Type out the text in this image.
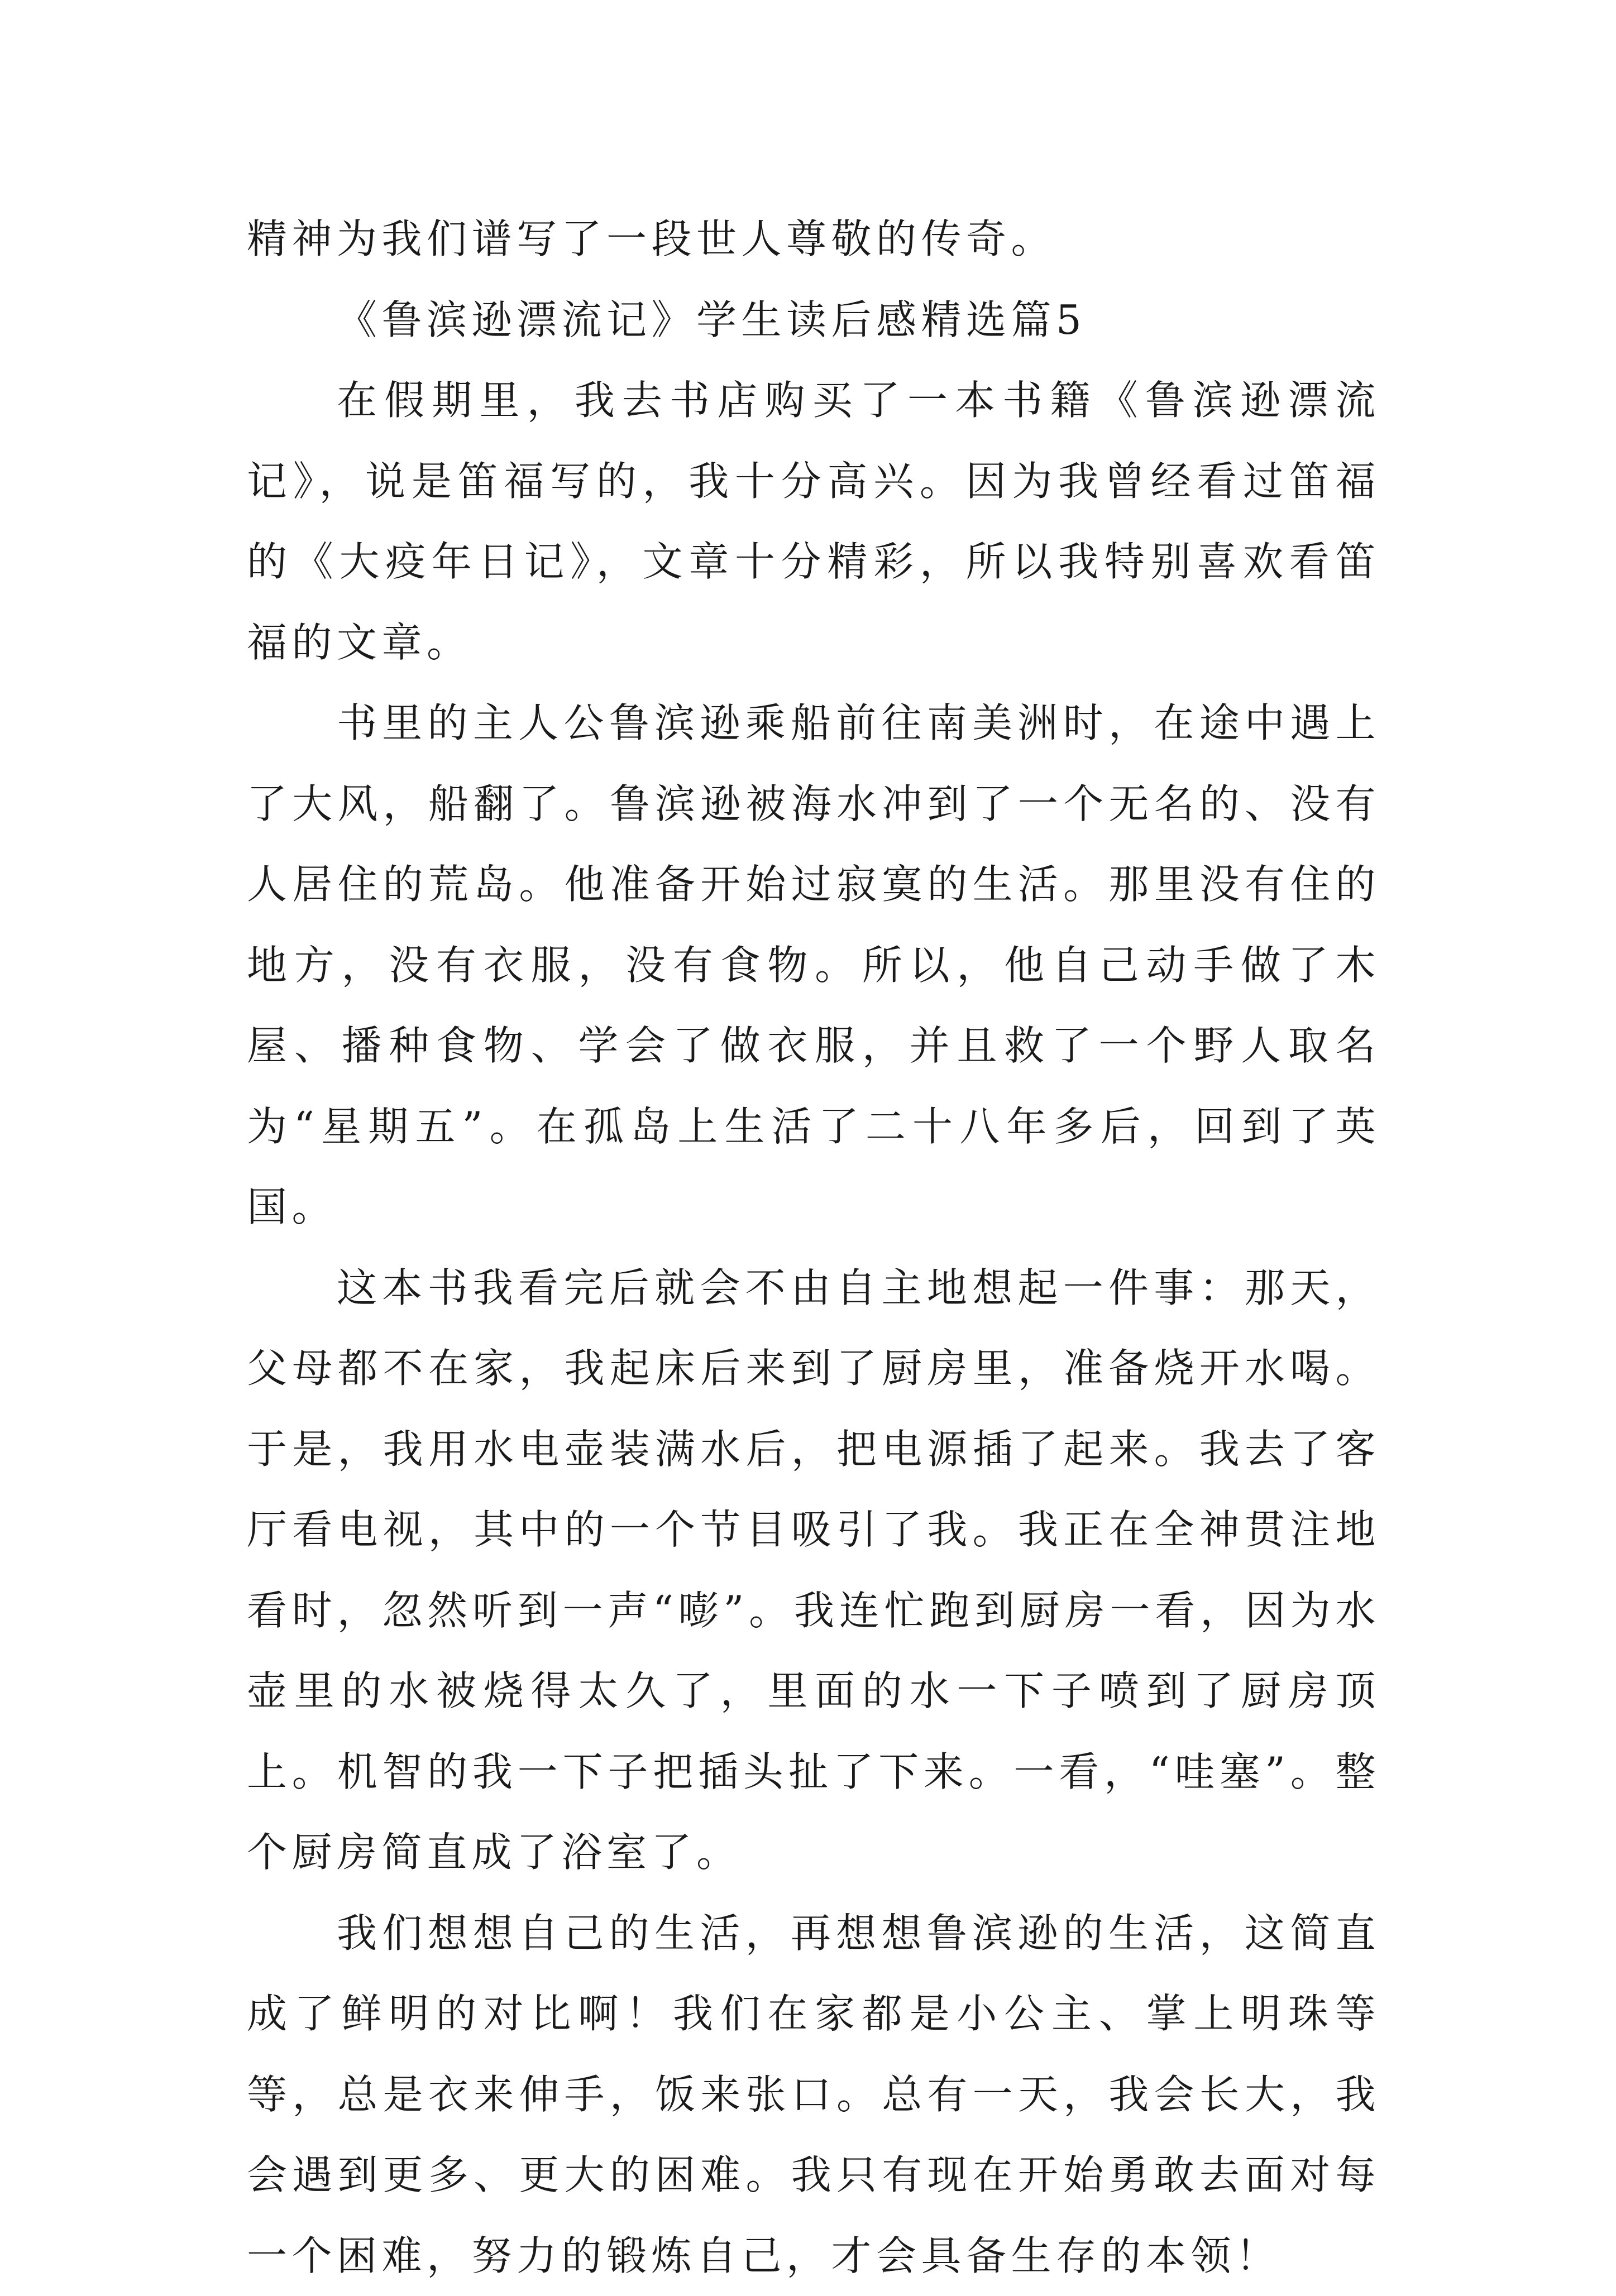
精神为我们谱写了一段世人尊敬的传奇。

《鲁滨逊漂流记》学生读后感精选篇5

在假期里，我去书店购买了一本书籍《鲁滨逊漂流记》，说是笛福写的，我十分高兴。因为我曾经看过笛福的《大疫年日记》，文章十分精彩，所以我特别喜欢看笛福的文章。

书里的主人公鲁滨逊乘船前往南美洲时，在途中遇上了大风，船翻了。鲁滨逊被海水冲到了一个无名的、没有人居住的荒岛。他准备开始过寂寞的生活。那里没有住的地方，没有衣服，没有食物。所以，他自己动手做了木屋、播种食物、学会了做衣服，并且救了一个野人取名为“星期五”。在孤岛上生活了二十八年多后，回到了英国。

这本书我看完后就会不由自主地想起一件事：那天，父母都不在家，我起床后来到了厨房里，准备烧开水喝。于是，我用水电壶装满水后，把电源插了起来。我去了客厅看电视，其中的一个节目吸引了我。我正在全神贯注地看时，忽然听到一声“嘭”。我连忙跑到厨房一看，因为水壶里的水被烧得太久了，里面的水一下子喷到了厨房顶上。机智的我一下子把插头扯了下来。一看，“哇塞”。整个厨房简直成了浴室了。

我们想想自己的生活，再想想鲁滨逊的生活，这简直成了鲜明的对比啊！我们在家都是小公主、掌上明珠等等，总是衣来伸手，饭来张口。总有一天，我会长大，我会遇到更多、更大的困难。我只有现在开始勇敢去面对每一个困难，努力的锻炼自己，才会具备生存的本领！
